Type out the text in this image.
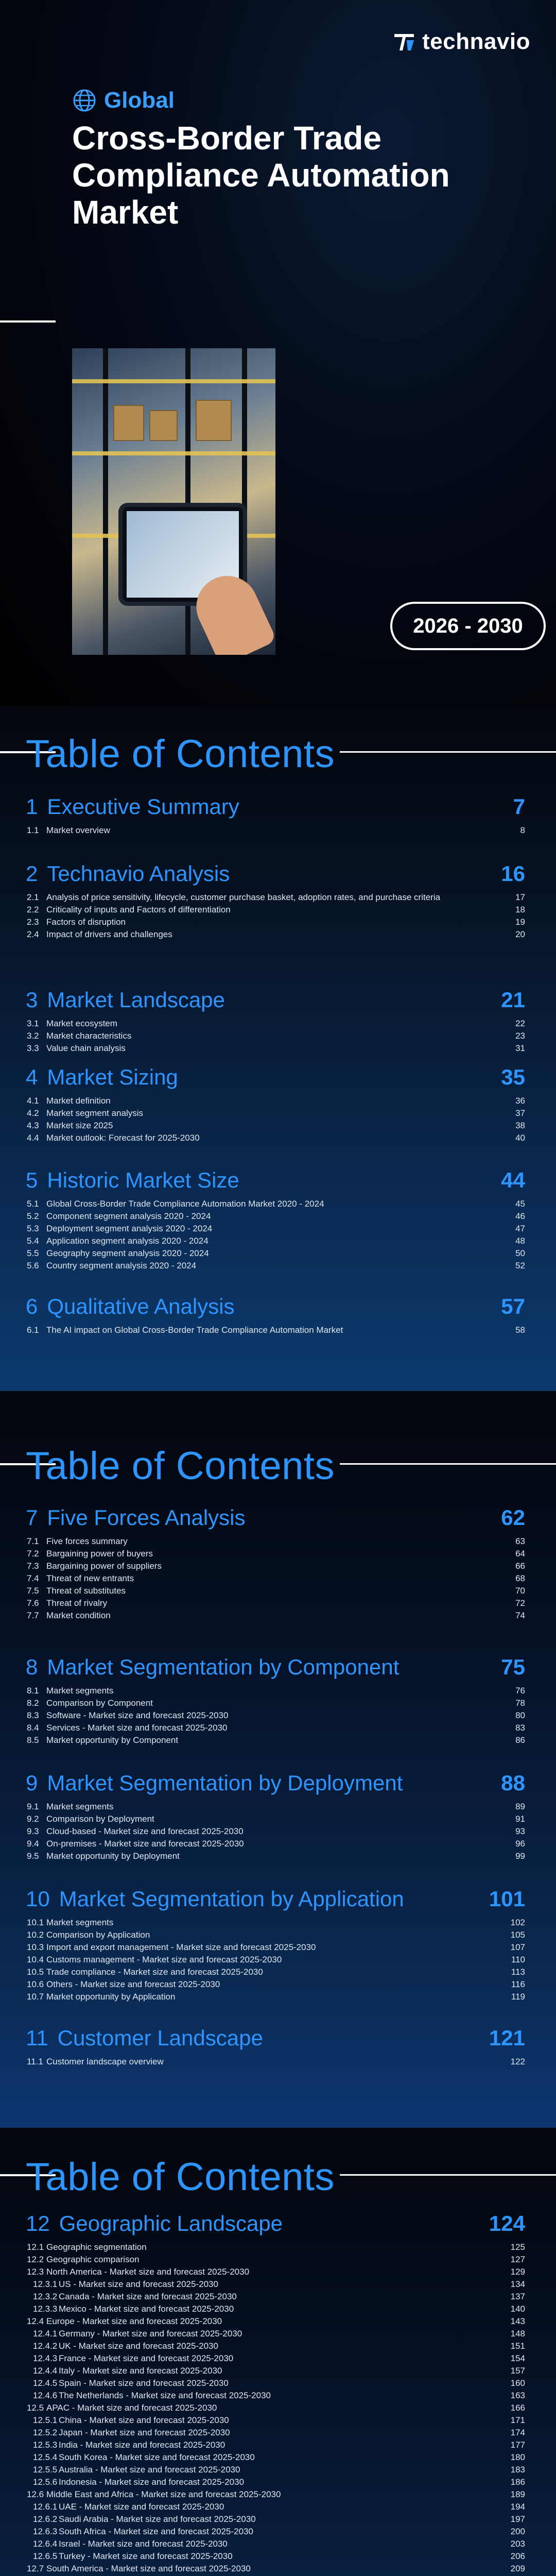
technavio
Global
Cross-Border Trade Compliance Automation Market
2026 - 2030
Table of Contents
1 Executive Summary	7
1.1 Market overview	8
2 Technavio Analysis	16
2.1 Analysis of price sensitivity, lifecycle, customer purchase basket, adoption rates, and purchase criteria	17
2.2 Criticality of inputs and Factors of differentiation	18
2.3 Factors of disruption	19
2.4 Impact of drivers and challenges	20
3 Market Landscape	21
3.1 Market ecosystem	22
3.2 Market characteristics	23
3.3 Value chain analysis	31
4 Market Sizing	35
4.1 Market definition	36
4.2 Market segment analysis	37
4.3 Market size 2025	38
4.4 Market outlook: Forecast for 2025-2030	40
5 Historic Market Size	44
5.1 Global Cross-Border Trade Compliance Automation Market 2020 - 2024	45
5.2 Component segment analysis 2020 - 2024	46
5.3 Deployment segment analysis 2020 - 2024	47
5.4 Application segment analysis 2020 - 2024	48
5.5 Geography segment analysis 2020 - 2024	50
5.6 Country segment analysis 2020 - 2024	52
6 Qualitative Analysis	57
6.1 The AI impact on Global Cross-Border Trade Compliance Automation Market	58
Table of Contents
7 Five Forces Analysis	62
7.1 Five forces summary	63
7.2 Bargaining power of buyers	64
7.3 Bargaining power of suppliers	66
7.4 Threat of new entrants	68
7.5 Threat of substitutes	70
7.6 Threat of rivalry	72
7.7 Market condition	74
8 Market Segmentation by Component	75
8.1 Market segments	76
8.2 Comparison by Component	78
8.3 Software - Market size and forecast 2025-2030	80
8.4 Services - Market size and forecast 2025-2030	83
8.5 Market opportunity by Component	86
9 Market Segmentation by Deployment	88
9.1 Market segments	89
9.2 Comparison by Deployment	91
9.3 Cloud-based - Market size and forecast 2025-2030	93
9.4 On-premises - Market size and forecast 2025-2030	96
9.5 Market opportunity by Deployment	99
10 Market Segmentation by Application	101
10.1 Market segments	102
10.2 Comparison by Application	105
10.3 Import and export management - Market size and forecast 2025-2030	107
10.4 Customs management - Market size and forecast 2025-2030	110
10.5 Trade compliance - Market size and forecast 2025-2030	113
10.6 Others - Market size and forecast 2025-2030	116
10.7 Market opportunity by Application	119
11 Customer Landscape	121
11.1 Customer landscape overview	122
Table of Contents
12 Geographic Landscape	124
12.1 Geographic segmentation	125
12.2 Geographic comparison	127
12.3 North America - Market size and forecast 2025-2030	129
12.3.1 US - Market size and forecast 2025-2030	134
12.3.2 Canada - Market size and forecast 2025-2030	137
12.3.3 Mexico - Market size and forecast 2025-2030	140
12.4 Europe - Market size and forecast 2025-2030	143
12.4.1 Germany - Market size and forecast 2025-2030	148
12.4.2 UK - Market size and forecast 2025-2030	151
12.4.3 France - Market size and forecast 2025-2030	154
12.4.4 Italy - Market size and forecast 2025-2030	157
12.4.5 Spain - Market size and forecast 2025-2030	160
12.4.6 The Netherlands - Market size and forecast 2025-2030	163
12.5 APAC - Market size and forecast 2025-2030	166
12.5.1 China - Market size and forecast 2025-2030	171
12.5.2 Japan - Market size and forecast 2025-2030	174
12.5.3 India - Market size and forecast 2025-2030	177
12.5.4 South Korea - Market size and forecast 2025-2030	180
12.5.5 Australia - Market size and forecast 2025-2030	183
12.5.6 Indonesia - Market size and forecast 2025-2030	186
12.6 Middle East and Africa - Market size and forecast 2025-2030	189
12.6.1 UAE - Market size and forecast 2025-2030	194
12.6.2 Saudi Arabia - Market size and forecast 2025-2030	197
12.6.3 South Africa - Market size and forecast 2025-2030	200
12.6.4 Israel - Market size and forecast 2025-2030	203
12.6.5 Turkey - Market size and forecast 2025-2030	206
12.7 South America - Market size and forecast 2025-2030	209
